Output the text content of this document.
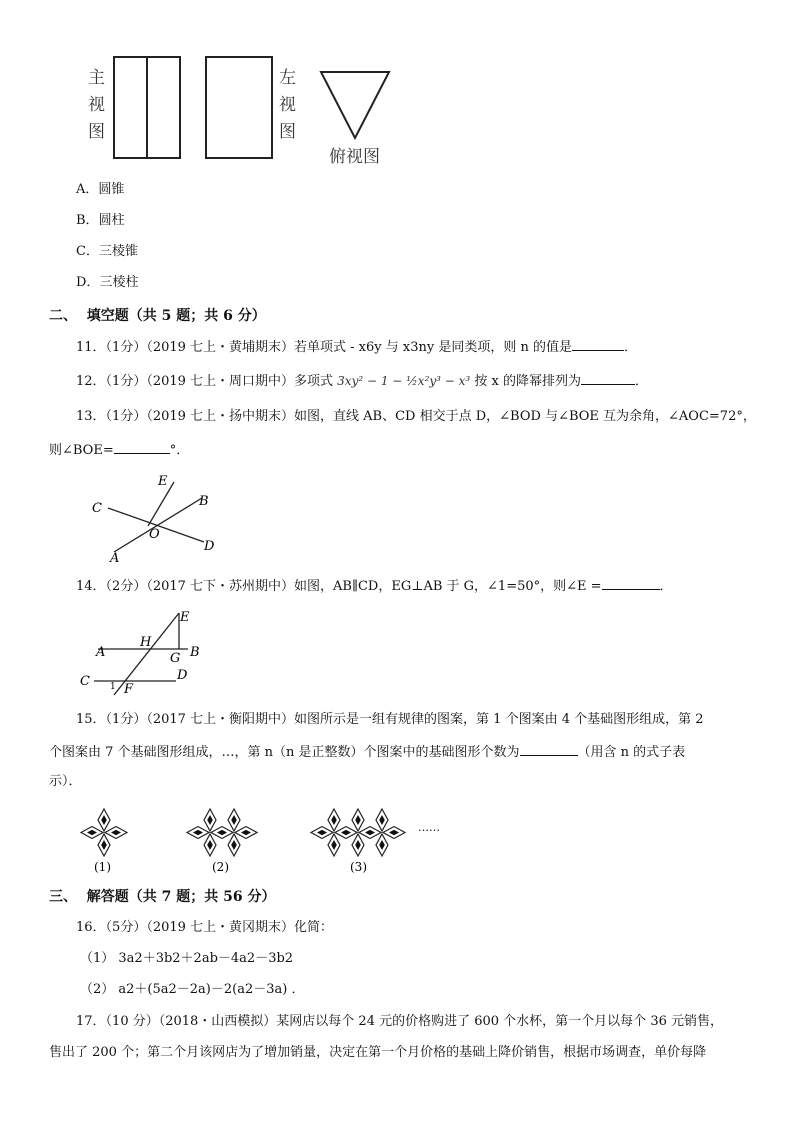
主
视
图
左
视
图
俯视图
A．圆锥
B．圆柱
C．三棱锥
D．三棱柱
二、 填空题（共 5 题；共 6 分）
11．（1分）（2019 七上・黄埔期末）若单项式 - x6y 与 x3ny 是同类项，则 n 的值是	．
12．（1分）（2019 七上・周口期中）多项式 3xy² − 1 − ½x²y³ − x³ 按 x 的降幂排列为	．
13．（1分）（2019 七上・扬中期末）如图，直线 AB、CD 相交于点 D，∠BOD 与∠BOE 互为余角，∠AOC=72°，
则∠BOE=	°．
E
B
C
O
A
D
14．（2分）（2017 七下・苏州期中）如图，AB∥CD，EG⊥AB 于 G，∠1=50°，则∠E =	．
E
H
A	G B
C	D
1 F
15．（1分）（2017 七上・衡阳期中）如图所示是一组有规律的图案，第 1 个图案由 4 个基础图形组成，第 2
个图案由 7 个基础图形组成，…，第 n（n 是正整数）个图案中的基础图形个数为	（用含 n 的式子表
示）．
……
(1)	(2)	(3)
三、 解答题（共 7 题；共 56 分）
16．（5分）（2019 七上・黄冈期末）化简：
（1） 3a2＋3b2＋2ab－4a2－3b2
（2） a2＋(5a2－2a)－2(a2－3a) ．
17．（10 分）（2018・山西模拟）某网店以每个 24 元的价格购进了 600 个水杯，第一个月以每个 36 元销售，
售出了 200 个；第二个月该网店为了增加销量，决定在第一个月价格的基础上降价销售，根据市场调查，单价每降
